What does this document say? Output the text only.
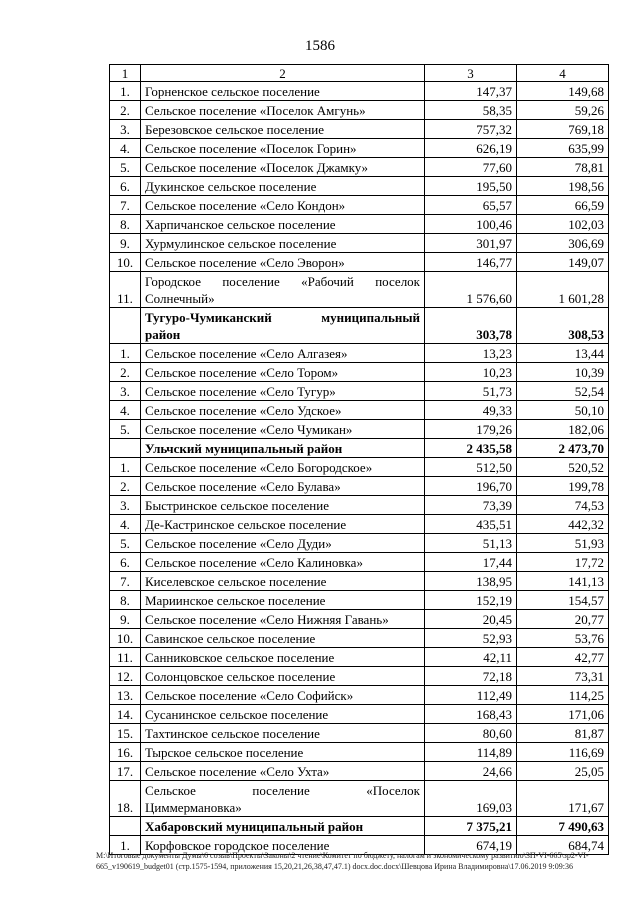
1586
1	2	3	4
1.	Горненское сельское поселение	147,37	149,68
2.	Сельское поселение «Поселок Амгунь»	58,35	59,26
3.	Березовское сельское поселение	757,32	769,18
4.	Сельское поселение «Поселок Горин»	626,19	635,99
5.	Сельское поселение «Поселок Джамку»	77,60	78,81
6.	Дукинское сельское поселение	195,50	198,56
7.	Сельское поселение «Село Кондон»	65,57	66,59
8.	Харпичанское сельское поселение	100,46	102,03
9.	Хурмулинское сельское поселение	301,97	306,69
10.	Сельское поселение «Село Эворон»	146,77	149,07
11.	Городское поселение «Рабочий поселок
Солнечный»	1 576,60	1 601,28
	Тугуро-Чумиканский муниципальный
район	303,78	308,53
1.	Сельское поселение «Село Алгазея»	13,23	13,44
2.	Сельское поселение «Село Тором»	10,23	10,39
3.	Сельское поселение «Село Тугур»	51,73	52,54
4.	Сельское поселение «Село Удское»	49,33	50,10
5.	Сельское поселение «Село Чумикан»	179,26	182,06
	Ульчский муниципальный район	2 435,58	2 473,70
1.	Сельское поселение «Село Богородское»	512,50	520,52
2.	Сельское поселение «Село Булава»	196,70	199,78
3.	Быстринское сельское поселение	73,39	74,53
4.	Де-Кастринское сельское поселение	435,51	442,32
5.	Сельское поселение «Село Дуди»	51,13	51,93
6.	Сельское поселение «Село Калиновка»	17,44	17,72
7.	Киселевское сельское поселение	138,95	141,13
8.	Мариинское сельское поселение	152,19	154,57
9.	Сельское поселение «Село Нижняя Гавань»	20,45	20,77
10.	Савинское сельское поселение	52,93	53,76
11.	Санниковское сельское поселение	42,11	42,77
12.	Солонцовское сельское поселение	72,18	73,31
13.	Сельское поселение «Село Софийск»	112,49	114,25
14.	Сусанинское сельское поселение	168,43	171,06
15.	Тахтинское сельское поселение	80,60	81,87
16.	Тырское сельское поселение	114,89	116,69
17.	Сельское поселение «Село Ухта»	24,66	25,05
18.	Сельское поселение «Поселок
Циммермановка»	169,03	171,67
	Хабаровский муниципальный район	7 375,21	7 490,63
1.	Корфовское городское поселение	674,19	684,74
M:\Итоговые документы Думы\6 созыв\Проекты\Законы\2 чтение\Комитет по бюджету, налогам и экономическому развитию\3П-VI-665\зр2-VI-
665_v190619_budget01 (стр.1575-1594, приложения 15,20,21,26,38,47,47.1) docx.doc.docx\Шевцова Ирина Владимировна\17.06.2019 9:09:36
